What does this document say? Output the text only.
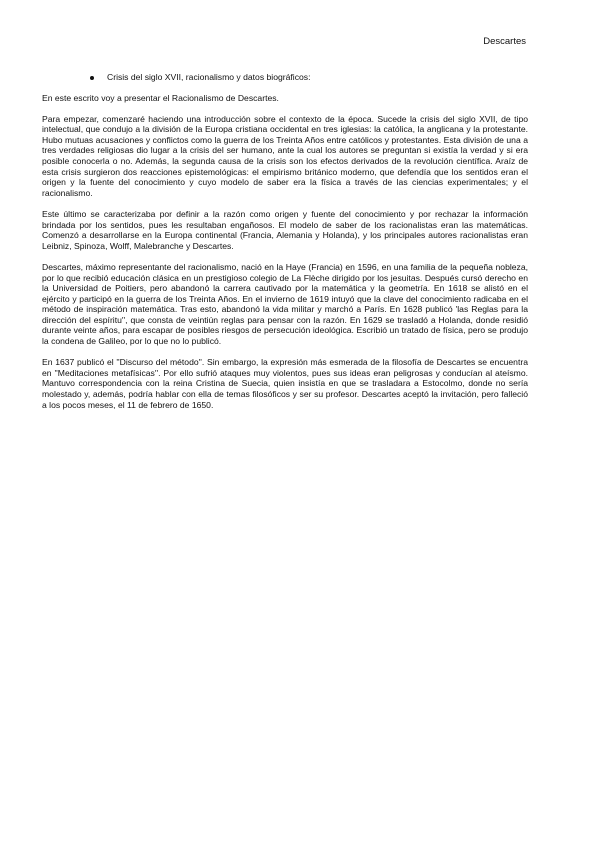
Descartes
Crisis del siglo XVII, racionalismo y datos biográficos:

En este escrito voy a presentar el Racionalismo de Descartes.

Para empezar, comenzaré haciendo una introducción sobre el contexto de la época. Sucede la crisis del siglo XVII, de tipo intelectual, que condujo a la división de la Europa cristiana occidental en tres iglesias: la católica, la anglicana y la protestante. Hubo mutuas acusaciones y conflictos como la guerra de los Treinta Años entre católicos y protestantes. Esta división de una a tres verdades religiosas dio lugar a la crisis del ser humano, ante la cual los autores se preguntan si existía la verdad y si era posible conocerla o no. Además, la segunda causa de la crisis son los efectos derivados de la revolución científica. Araíz de esta crisis surgieron dos reacciones epistemológicas: el empirismo británico moderno, que defendía que los sentidos eran el origen y la fuente del conocimiento y cuyo modelo de saber era la física a través de las ciencias experimentales; y el racionalismo.

Este último se caracterizaba por definir a la razón como origen y fuente del conocimiento y por rechazar la información brindada por los sentidos, pues les resultaban engañosos. El modelo de saber de los racionalistas eran las matemáticas. Comenzó a desarrollarse en la Europa continental (Francia, Alemania y Holanda), y los principales autores racionalistas eran Leibniz, Spinoza, Wolff, Malebranche y Descartes.

Descartes, máximo representante del racionalismo, nació en la Haye (Francia) en 1596, en una familia de la pequeña nobleza, por lo que recibió educación clásica en un prestigioso colegio de La Flèche dirigido por los jesuitas. Después cursó derecho en la Universidad de Poitiers, pero abandonó la carrera cautivado por la matemática y la geometría. En 1618 se alistó en el ejército y participó en la guerra de los Treinta Años. En el invierno de 1619 intuyó que la clave del conocimiento radicaba en el método de inspiración matemática. Tras esto, abandonó la vida militar y marchó a París. En 1628 publicó 'las Reglas para la dirección del espíritu'', que consta de veintiún reglas para pensar con la razón. En 1629 se trasladó a Holanda, donde residió durante veinte años, para escapar de posibles riesgos de persecución ideológica. Escribió un tratado de física, pero se produjo la condena de Galileo, por lo que no lo publicó.

En 1637 publicó el ''Discurso del método''. Sin embargo, la expresión más esmerada de la filosofía de Descartes se encuentra en ''Meditaciones metafísicas''. Por ello sufrió ataques muy violentos, pues sus ideas eran peligrosas y conducían al ateísmo. Mantuvo correspondencia con la reina Cristina de Suecia, quien insistía en que se trasladara a Estocolmo, donde no sería molestado y, además, podría hablar con ella de temas filosóficos y ser su profesor. Descartes aceptó la invitación, pero falleció a los pocos meses, el 11 de febrero de 1650.
